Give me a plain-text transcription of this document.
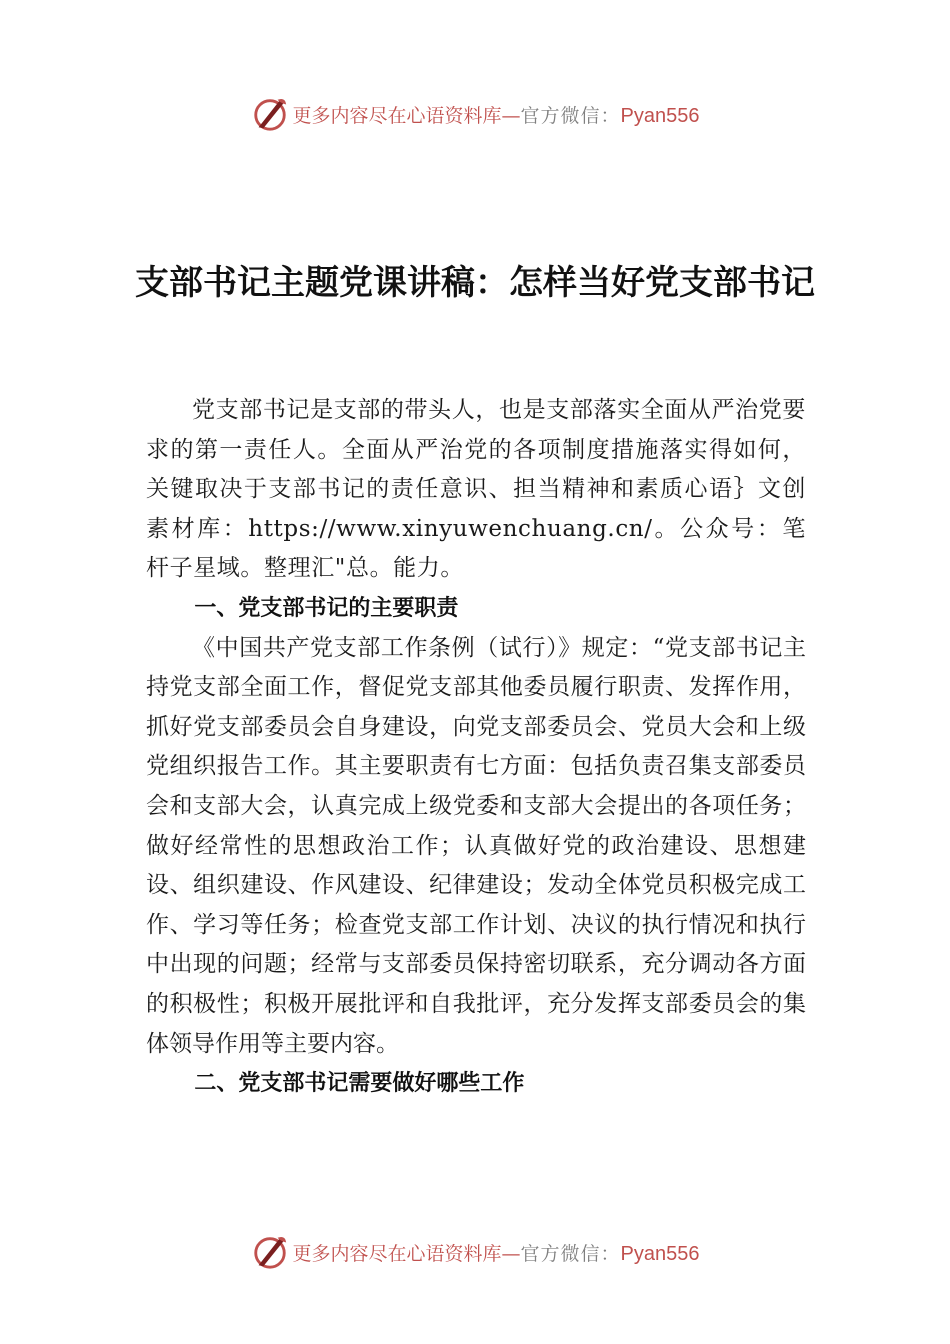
更多内容尽在心语资料库—官方微信：Pyan556
支部书记主题党课讲稿：怎样当好党支部书记

党支部书记是支部的带头人，也是支部落实全面从严治党要求的第一责任人。全面从严治党的各项制度措施落实得如何，关键取决于支部书记的责任意识、担当精神和素质心语｝文创素材库：https://www.xinyuwenchuang.cn/。公众号：笔杆子星域。整理汇"总。能力。

一、党支部书记的主要职责

《中国共产党支部工作条例（试行）》规定：“党支部书记主持党支部全面工作，督促党支部其他委员履行职责、发挥作用，抓好党支部委员会自身建设，向党支部委员会、党员大会和上级党组织报告工作。其主要职责有七方面：包括负责召集支部委员会和支部大会，认真完成上级党委和支部大会提出的各项任务；做好经常性的思想政治工作；认真做好党的政治建设、思想建设、组织建设、作风建设、纪律建设；发动全体党员积极完成工作、学习等任务；检查党支部工作计划、决议的执行情况和执行中出现的问题；经常与支部委员保持密切联系，充分调动各方面的积极性；积极开展批评和自我批评，充分发挥支部委员会的集体领导作用等主要内容。

二、党支部书记需要做好哪些工作
更多内容尽在心语资料库—官方微信：Pyan556
